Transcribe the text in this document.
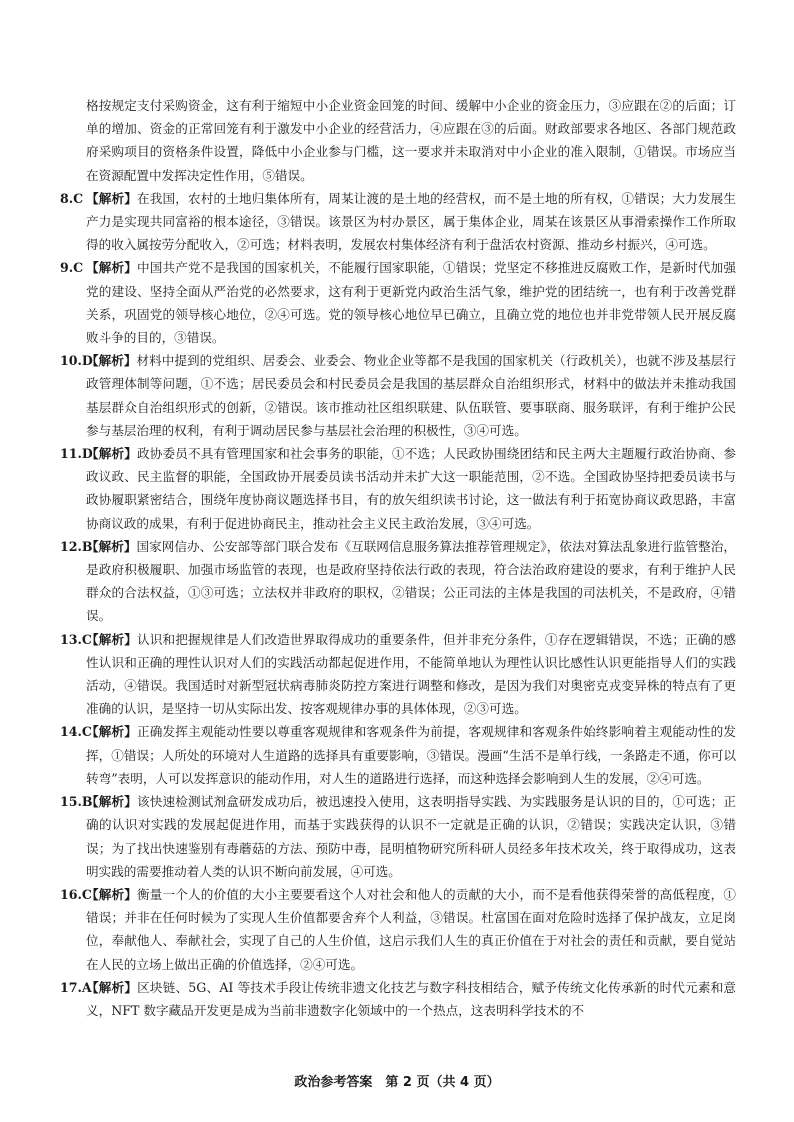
格按规定支付采购资金，这有利于缩短中小企业资金回笼的时间、缓解中小企业的资金压力，③应跟在②的后面；订单的增加、资金的正常回笼有利于激发中小企业的经营活力，④应跟在③的后面。财政部要求各地区、各部门规范政府采购项目的资格条件设置，降低中小企业参与门槛，这一要求并未取消对中小企业的准入限制，①错误。市场应当在资源配置中发挥决定性作用，⑤错误。

8.C 【解析】在我国，农村的土地归集体所有，周某让渡的是土地的经营权，而不是土地的所有权，①错误；大力发展生产力是实现共同富裕的根本途径，③错误。该景区为村办景区，属于集体企业，周某在该景区从事滑索操作工作所取得的收入属按劳分配收入，②可选；材料表明，发展农村集体经济有利于盘活农村资源、推动乡村振兴，④可选。
9.C 【解析】中国共产党不是我国的国家机关，不能履行国家职能，①错误；党坚定不移推进反腐败工作，是新时代加强党的建设、坚持全面从严治党的必然要求，这有利于更新党内政治生活气象，维护党的团结统一，也有利于改善党群关系，巩固党的领导核心地位，②④可选。党的领导核心地位早已确立，且确立党的地位也并非党带领人民开展反腐败斗争的目的，③错误。
10.D
【解析】材料中提到的党组织、居委会、业委会、物业企业等都不是我国的国家机关（行政机关），也就不涉及基层行政管理体制等问题，①不选；居民委员会和村民委员会是我国的基层群众自治组织形式，材料中的做法并未推动我国基层群众自治组织形式的创新，②错误。该市推动社区组织联建、队伍联管、要事联商、服务联评，有利于维护公民参与基层治理的权利，有利于调动居民参与基层社会治理的积极性，③④可选。
11.D
【解析】政协委员不具有管理国家和社会事务的职能，①不选；人民政协围绕团结和民主两大主题履行政治协商、参政议政、民主监督的职能，全国政协开展委员读书活动并未扩大这一职能范围，②不选。全国政协坚持把委员读书与政协履职紧密结合，围绕年度协商议题选择书目，有的放矢组织读书讨论，这一做法有利于拓宽协商议政思路，丰富协商议政的成果，有利于促进协商民主，推动社会主义民主政治发展，③④可选。
12.B
【解析】国家网信办、公安部等部门联合发布《互联网信息服务算法推荐管理规定》，依法对算法乱象进行监管整治，是政府积极履职、加强市场监管的表现，也是政府坚持依法行政的表现，符合法治政府建设的要求，有利于维护人民群众的合法权益，①③可选；立法权并非政府的职权，②错误；公正司法的主体是我国的司法机关，不是政府，④错误。
13.C
【解析】认识和把握规律是人们改造世界取得成功的重要条件，但并非充分条件，①存在逻辑错误，不选；正确的感性认识和正确的理性认识对人们的实践活动都起促进作用，不能简单地认为理性认识比感性认识更能指导人们的实践活动，④错误。我国适时对新型冠状病毒肺炎防控方案进行调整和修改，是因为我们对奥密克戎变异株的特点有了更准确的认识，是坚持一切从实际出发、按客观规律办事的具体体现，②③可选。
14.C
【解析】正确发挥主观能动性要以尊重客观规律和客观条件为前提，客观规律和客观条件始终影响着主观能动性的发挥，①错误；人所处的环境对人生道路的选择具有重要影响，③错误。漫画“生活不是单行线，一条路走不通，你可以转弯”表明，人可以发挥意识的能动作用，对人生的道路进行选择，而这种选择会影响到人生的发展，②④可选。
15.B
【解析】该快速检测试剂盒研发成功后，被迅速投入使用，这表明指导实践、为实践服务是认识的目的，①可选；正确的认识对实践的发展起促进作用，而基于实践获得的认识不一定就是正确的认识，②错误；实践决定认识，③错误；为了找出快速鉴别有毒蘑菇的方法、预防中毒，昆明植物研究所科研人员经多年技术攻关，终于取得成功，这表明实践的需要推动着人类的认识不断向前发展，④可选。
16.C
【解析】衡量一个人的价值的大小主要要看这个人对社会和他人的贡献的大小，而不是看他获得荣誉的高低程度，①错误；并非在任何时候为了实现人生价值都要舍弃个人利益，③错误。杜富国在面对危险时选择了保护战友，立足岗位，奉献他人、奉献社会，实现了自己的人生价值，这启示我们人生的真正价值在于对社会的责任和贡献，要自觉站在人民的立场上做出正确的价值选择，②④可选。
17.A
【解析】区块链、5G、AI 等技术手段让传统非遗文化技艺与数字科技相结合，赋予传统文化传承新的时代元素和意义，NFT 数字藏品开发更是成为当前非遗数字化领域中的一个热点，这表明科学技术的不
政治参考答案　第 2 页（共 4 页）
